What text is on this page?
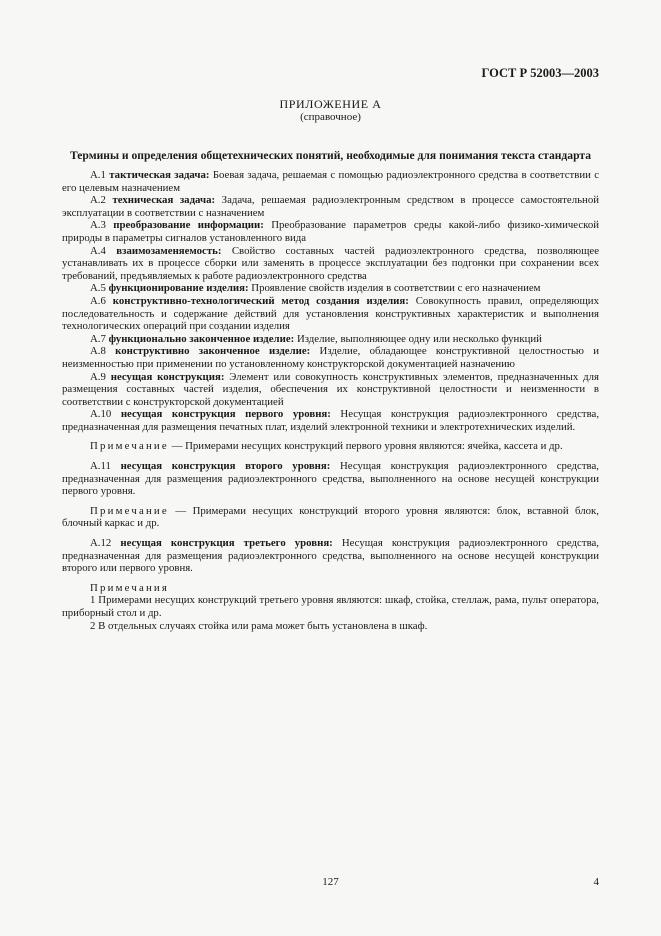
ГОСТ Р 52003—2003
ПРИЛОЖЕНИЕ А
(справочное)
Термины и определения общетехнических понятий, необходимые для понимания текста стандарта

А.1 тактическая задача: Боевая задача, решаемая с помощью радиоэлектронного средства в соответствии с его целевым назначением

А.2 техническая задача: Задача, решаемая радиоэлектронным средством в процессе самостоятельной эксплуатации в соответствии с назначением

А.3 преобразование информации: Преобразование параметров среды какой-либо физико-химической природы в параметры сигналов установленного вида

А.4 взаимозаменяемость: Свойство составных частей радиоэлектронного средства, позволяющее устанавливать их в процессе сборки или заменять в процессе эксплуатации без подгонки при сохранении всех требований, предъявляемых к работе радиоэлектронного средства

А.5 функционирование изделия: Проявление свойств изделия в соответствии с его назначением

А.6 конструктивно-технологический метод создания изделия: Совокупность правил, определяющих последовательность и содержание действий для установления конструктивных характеристик и выполнения технологических операций при создании изделия

А.7 функционально законченное изделие: Изделие, выполняющее одну или несколько функций

А.8 конструктивно законченное изделие: Изделие, обладающее конструктивной целостностью и неизменностью при применении по установленному конструкторской документацией назначению

А.9 несущая конструкция: Элемент или совокупность конструктивных элементов, предназначенных для размещения составных частей изделия, обеспечения их конструктивной целостности и неизменности в соответствии с конструкторской документацией

А.10 несущая конструкция первого уровня: Несущая конструкция радиоэлектронного средства, предназначенная для размещения печатных плат, изделий электронной техники и электротехнических изделий.

Примечание — Примерами несущих конструкций первого уровня являются: ячейка, кассета и др.

А.11 несущая конструкция второго уровня: Несущая конструкция радиоэлектронного средства, предназначенная для размещения радиоэлектронного средства, выполненного на основе несущей конструкции первого уровня.

Примечание — Примерами несущих конструкций второго уровня являются: блок, вставной блок, блочный каркас и др.

А.12 несущая конструкция третьего уровня: Несущая конструкция радиоэлектронного средства, предназначенная для размещения радиоэлектронного средства, выполненного на основе несущей конструкции второго или первого уровня.

Примечания

1 Примерами несущих конструкций третьего уровня являются: шкаф, стойка, стеллаж, рама, пульт оператора, приборный стол и др.

2 В отдельных случаях стойка или рама может быть установлена в шкаф.

127	4
